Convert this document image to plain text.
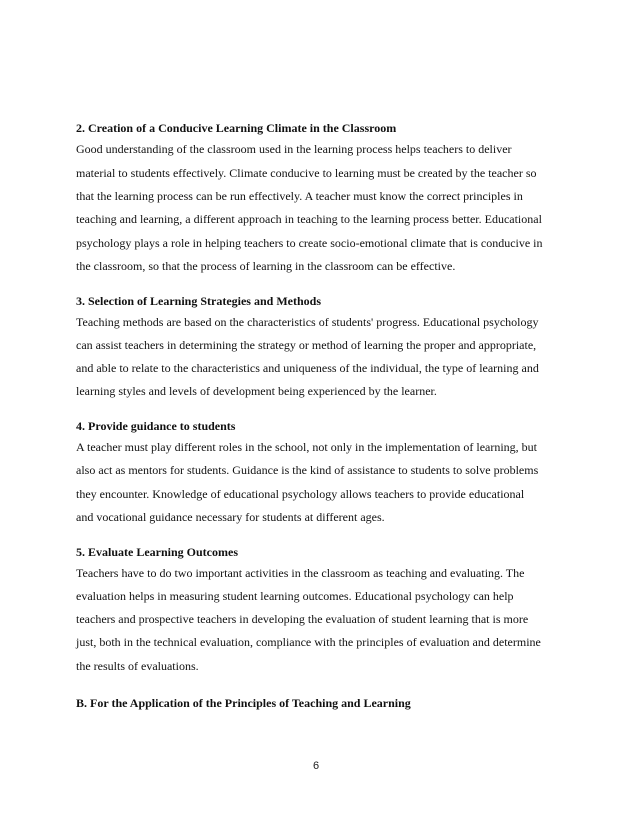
2. Creation of a Conducive Learning Climate in the Classroom
Good understanding of the classroom used in the learning process helps teachers to deliver
material to students effectively. Climate conducive to learning must be created by the teacher so
that the learning process can be run effectively. A teacher must know the correct principles in
teaching and learning, a different approach in teaching to the learning process better. Educational
psychology plays a role in helping teachers to create socio-emotional climate that is conducive in
the classroom, so that the process of learning in the classroom can be effective.
3. Selection of Learning Strategies and Methods
Teaching methods are based on the characteristics of students' progress. Educational psychology
can assist teachers in determining the strategy or method of learning the proper and appropriate,
and able to relate to the characteristics and uniqueness of the individual, the type of learning and
learning styles and levels of development being experienced by the learner.
4. Provide guidance to students
A teacher must play different roles in the school, not only in the implementation of learning, but
also act as mentors for students. Guidance is the kind of assistance to students to solve problems
they encounter. Knowledge of educational psychology allows teachers to provide educational
and vocational guidance necessary for students at different ages.
5. Evaluate Learning Outcomes
Teachers have to do two important activities in the classroom as teaching and evaluating. The
evaluation helps in measuring student learning outcomes. Educational psychology can help
teachers and prospective teachers in developing the evaluation of student learning that is more
just, both in the technical evaluation, compliance with the principles of evaluation and determine
the results of evaluations.
B. For the Application of the Principles of Teaching and Learning
6
